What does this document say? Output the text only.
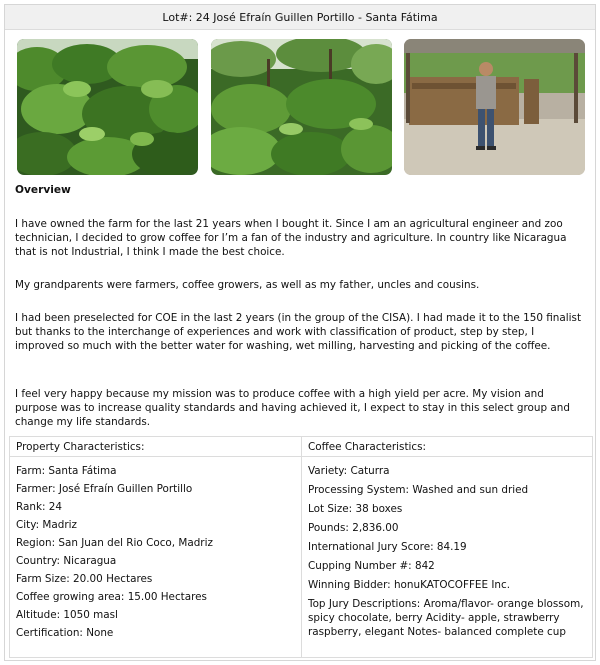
Lot#: 24 José Efraín Guillen Portillo - Santa Fátima
Overview

I have owned the farm for the last 21 years when I bought it. Since I am an agricultural engineer and zoo technician, I decided to grow coffee for I’m a fan of the industry and agriculture. In country like Nicaragua that is not Industrial, I think I made the best choice.

My grandparents were farmers, coffee growers, as well as my father, uncles and cousins.

I had been preselected for COE in the last 2 years (in the group of the CISA). I had made it to the 150 finalist but thanks to the interchange of experiences and work with classification of product, step by step, I improved so much with the better water for washing, wet milling, harvesting and picking of the coffee.

I feel very happy because my mission was to produce coffee with a high yield per acre. My vision and purpose was to increase quality standards and having achieved it, I expect to stay in this select group and change my life standards.

Property Characteristics:
Farm: Santa Fátima
Farmer: José Efraín Guillen Portillo
Rank: 24
City: Madriz
Region: San Juan del Rio Coco, Madriz
Country: Nicaragua
Farm Size: 20.00 Hectares
Coffee growing area: 15.00 Hectares
Altitude: 1050 masl
Certification: None
Coffee Characteristics:
Variety: Caturra
Processing System: Washed and sun dried
Lot Size: 38 boxes
Pounds: 2,836.00
International Jury Score: 84.19
Cupping Number #: 842
Winning Bidder: honuKATOCOFFEE Inc.
Top Jury Descriptions: Aroma/flavor- orange blossom, spicy chocolate, berry Acidity- apple, strawberry raspberry, elegant Notes- balanced complete cup
